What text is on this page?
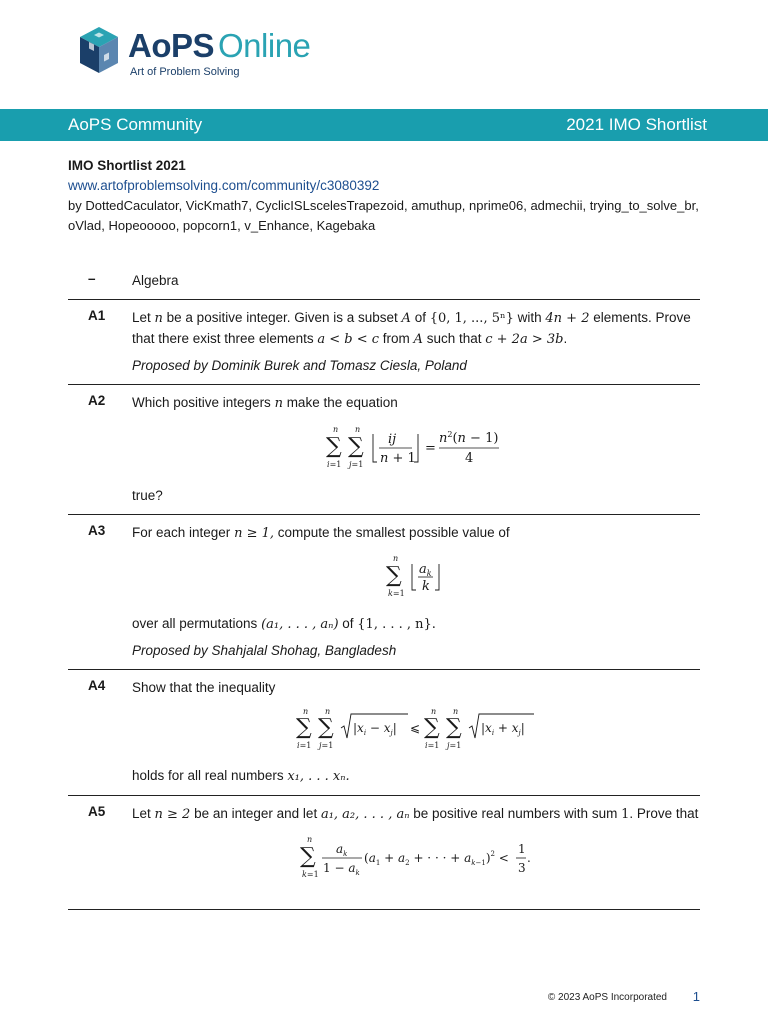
AoPS Online
Art of Problem Solving
AoPS Community	2021 IMO Shortlist
IMO Shortlist 2021
www.artofproblemsolving.com/community/c3080392
by DottedCaculator, VicKmath7, CyclicISLscelesTrapezoid, amuthup, nprime06, admechii, trying_to_solve_br, oVlad, Hopeooooo, popcorn1, v_Enhance, Kagebaka
–	Algebra
A1	Let n be a positive integer. Given is a subset A of {0, 1, ..., 5ⁿ} with 4n + 2 elements. Prove that there exist three elements a < b < c from A such that c + 2a > 3b.

Proposed by Dominik Burek and Tomasz Ciesla, Poland

A2	Which positive integers n make the equation

∑
n
i=1
∑
n
j=1
ij
n + 1
=
$n^2(n - 1)$
4

true?

A3	For each integer n ≥ 1, compute the smallest possible value of

∑
n
k=1
$a_k$
k

over all permutations (a₁, . . . , aₙ) of {1, . . . , n}.

Proposed by Shahjalal Shohag, Bangladesh

A4	Show that the inequality

∑
n
i=1
∑
n
j=1
$|x_i - x_j|$ ⩽ ∑
n
i=1
∑
n
j=1
$|x_i + x_j|$

holds for all real numbers x₁, . . . xₙ.

A5	Let n ≥ 2 be an integer and let a₁, a₂, . . . , aₙ be positive real numbers with sum 1. Prove that

∑
n
k=1
$a_k$
$1 - a_k$
($a_1 + a_2$ + · · · + $a_k-1)^2$ <
1
3
.
© 2023 AoPS Incorporated 1
